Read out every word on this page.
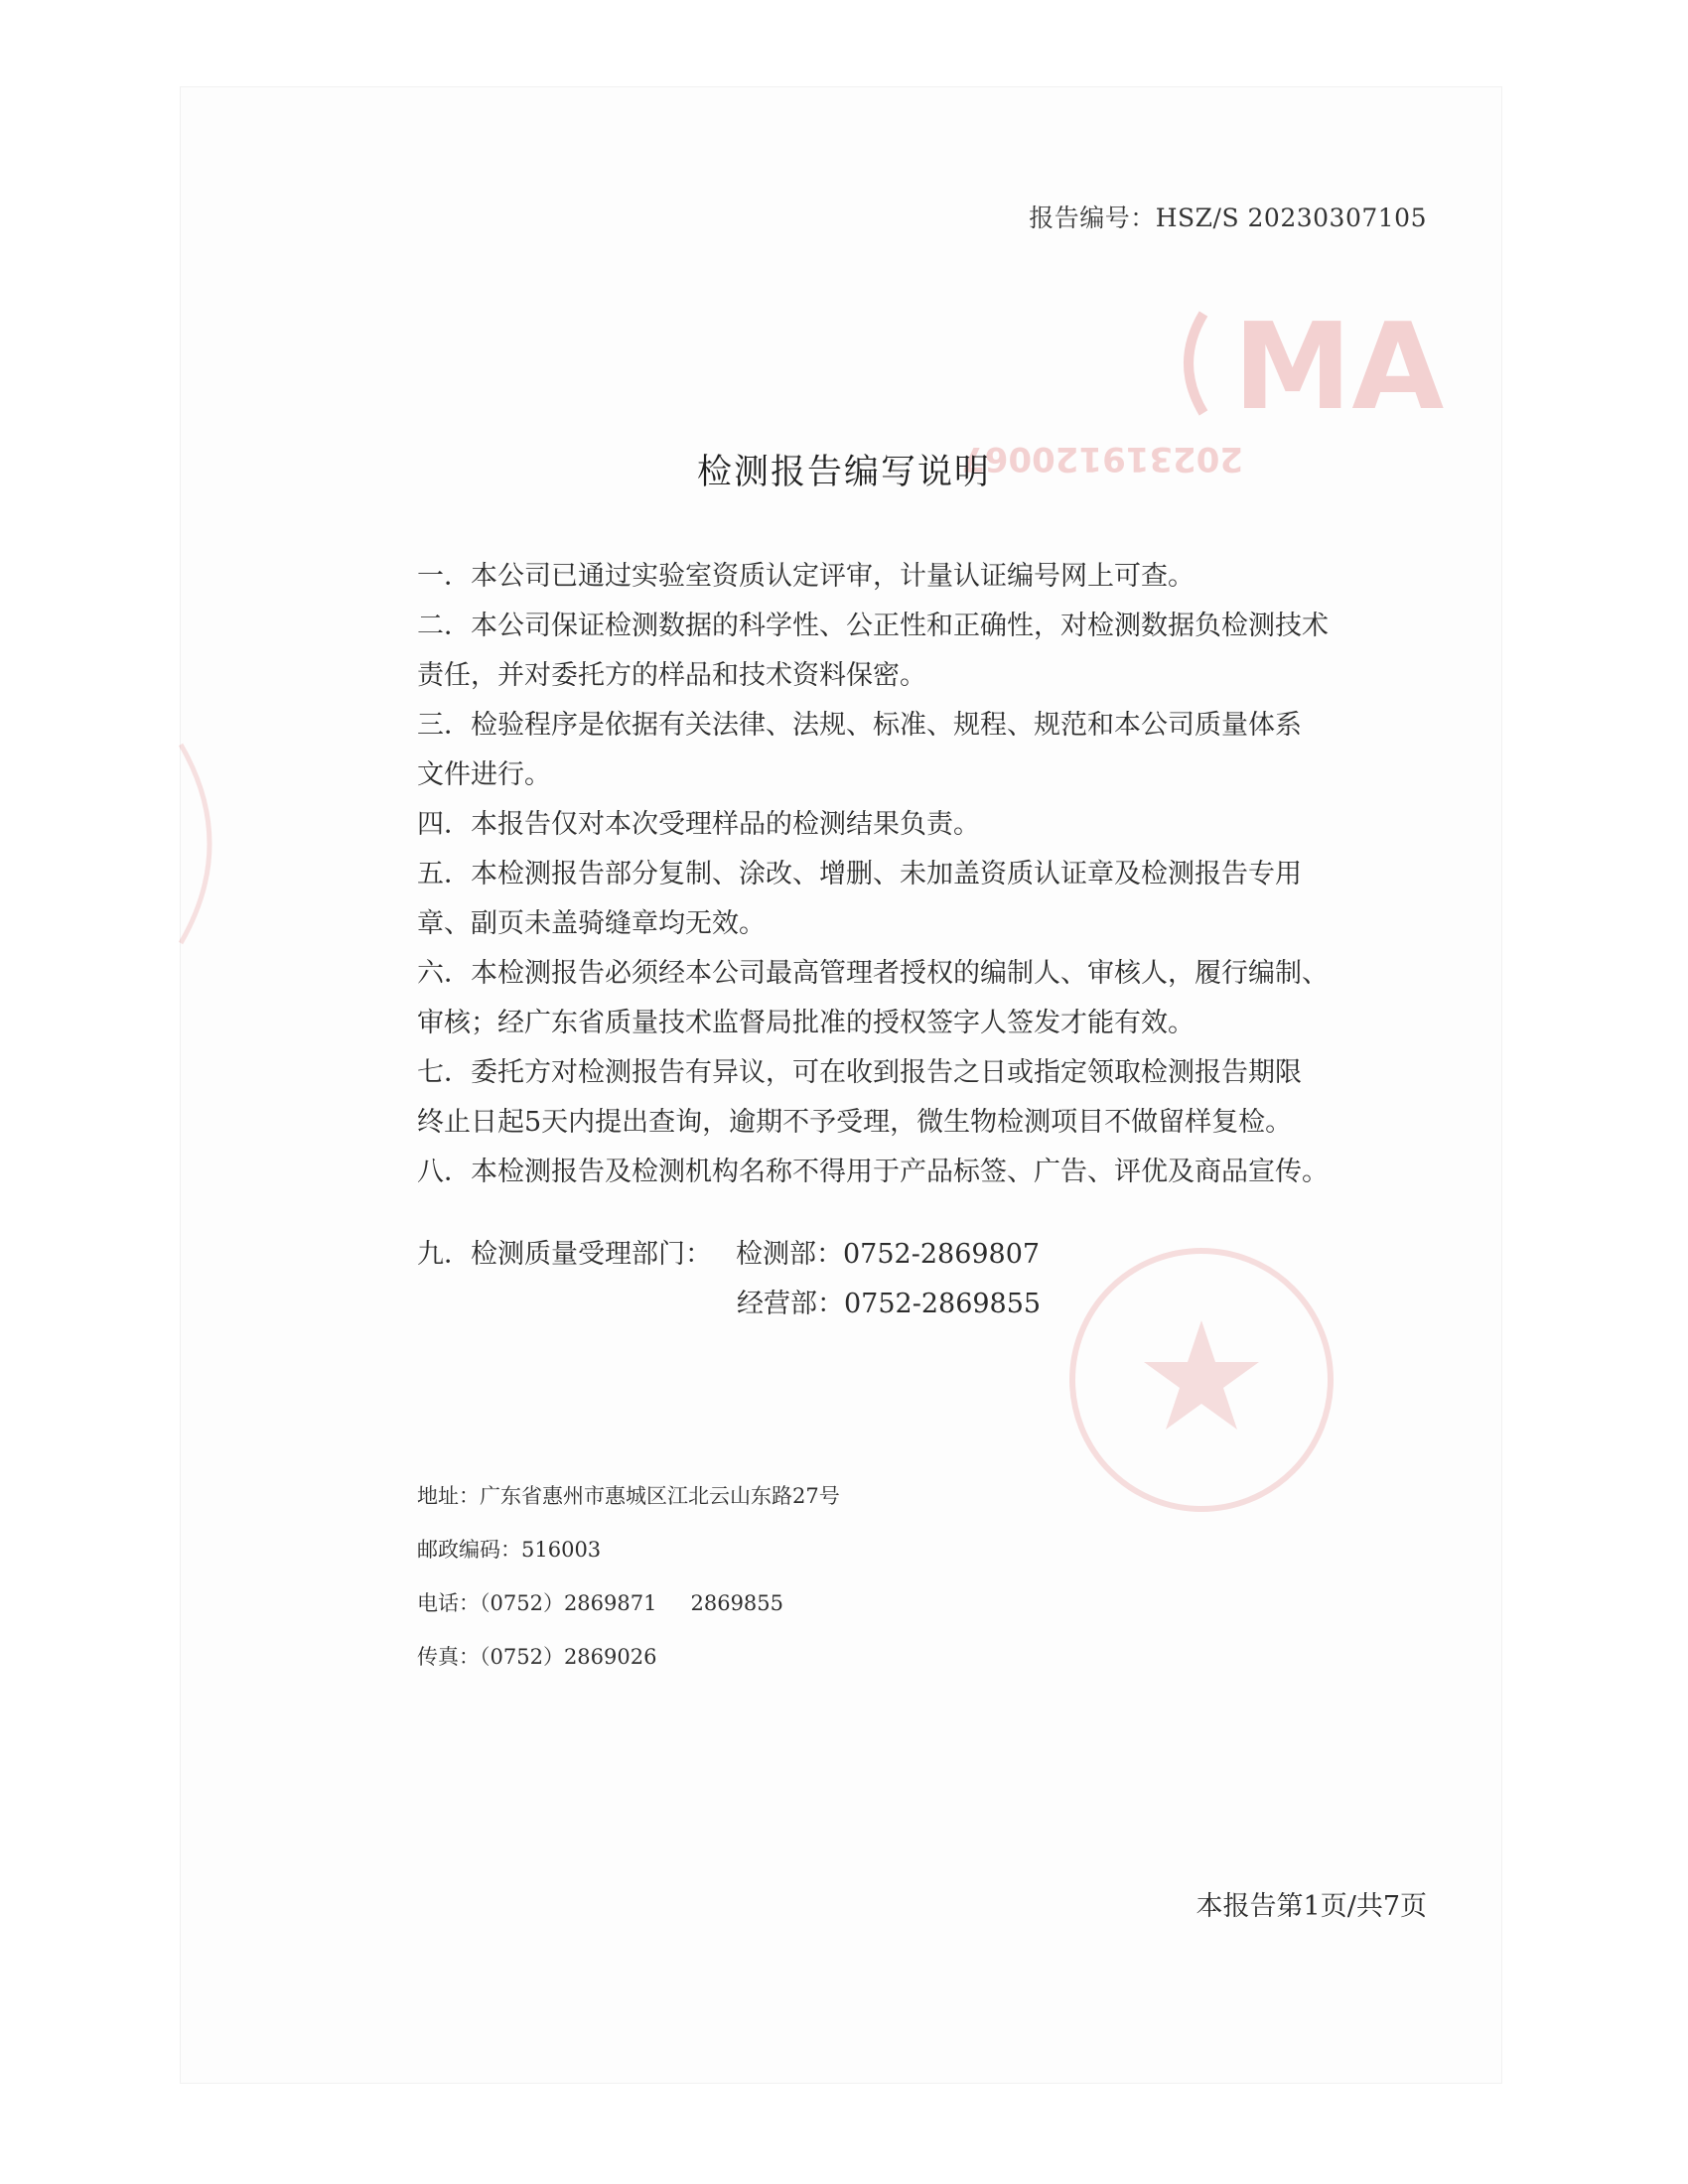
MA
202319120067
报告编号：HSZ/S 20230307105
检测报告编写说明
一． 本公司已通过实验室资质认定评审，计量认证编号网上可查。
二． 本公司保证检测数据的科学性、公正性和正确性，对检测数据负检测技术
责任，并对委托方的样品和技术资料保密。
三． 检验程序是依据有关法律、法规、标准、规程、规范和本公司质量体系
文件进行。
四． 本报告仅对本次受理样品的检测结果负责。
五． 本检测报告部分复制、涂改、增删、未加盖资质认证章及检测报告专用
章、副页未盖骑缝章均无效。
六． 本检测报告必须经本公司最高管理者授权的编制人、审核人，履行编制、
审核；经广东省质量技术监督局批准的授权签字人签发才能有效。
七． 委托方对检测报告有异议，可在收到报告之日或指定领取检测报告期限
终止日起5天内提出查询，逾期不予受理，微生物检测项目不做留样复检。
八． 本检测报告及检测机构名称不得用于产品标签、广告、评优及商品宣传。
九． 检测质量受理部门： 检测部：0752-2869807
经营部：0752-2869855
地址：广东省惠州市惠城区江北云山东路27号
邮政编码：516003
电话：（0752）2869871 2869855
传真：（0752）2869026
本报告第1页/共7页
